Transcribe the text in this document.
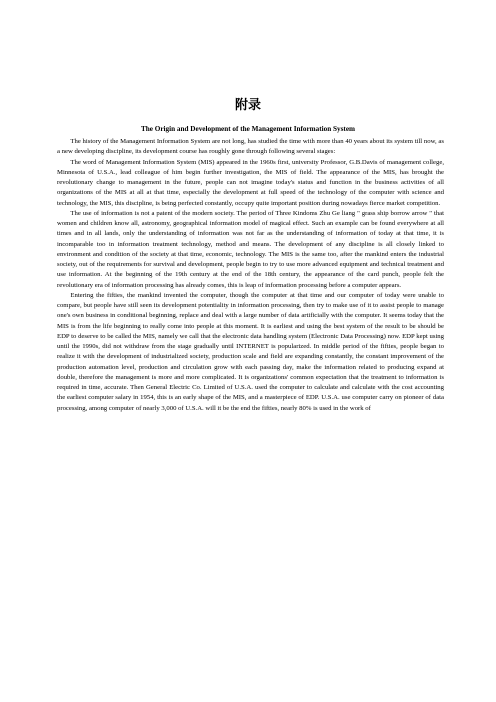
附录
The Origin and Development of the Management Information System

The history of the Management Information System are not long, has studied the time with more than 40 years about its system till now, as a new developing discipline, its development course has roughly gone through following several stages:

The word of Management Information System (MIS) appeared in the 1960s first, university Professor, G.B.Davis of management college, Minnesota of U.S.A., lead colleague of him begin further investigation, the MIS of field. The appearance of the MIS, has brought the revolutionary change to management in the future, people can not imagine today's status and function in the business activities of all organizations of the MIS at all at that time, especially the development at full speed of the technology of the computer with science and technology, the MIS, this discipline, is being perfected constantly, occupy quite important position during nowadays fierce market competition.

The use of information is not a patent of the modern society. The period of Three Kindoms Zhu Ge liang " grass ship borrow arrow " that women and children know all, astronomy, geographical information model of magical effect. Such an example can be found everywhere at all times and in all lands, only the understanding of information was not far as the understanding of information of today at that time, it is incomparable too in information treatment technology, method and means. The development of any discipline is all closely linked to environment and condition of the society at that time, economic, technology. The MIS is the same too, after the mankind enters the industrial society, out of the requirements for survival and development, people begin to try to use more advanced equipment and technical treatment and use information. At the beginning of the 19th century at the end of the 18th century, the appearance of the card punch, people felt the revolutionary era of information processing has already comes, this is leap of information processing before a computer appears.

Entering the fifties, the mankind invented the computer, though the computer at that time and our computer of today were unable to compare, but people have still seen its development potentiality in information processing, then try to make use of it to assist people to manage one's own business in conditional beginning, replace and deal with a large number of data artificially with the computer. It seems today that the MIS is from the life beginning to really come into people at this moment. It is earliest and using the best system of the result to be should be EDP to deserve to be called the MIS, namely we call that the electronic data handling system (Electronic Data Processing) now. EDP kept using until the 1990s, did not withdraw from the stage gradually until INTERNET is popularized. In middle period of the fifties, people began to realize it with the development of industrialized society, production scale and field are expanding constantly, the constant improvement of the production automation level, production and circulation grow with each passing day, make the information related to producing expand at double, therefore the management is more and more complicated. It is organizations' common expectation that the treatment to information is required in time, accurate. Then General Electric Co. Limited of U.S.A. used the computer to calculate and calculate with the cost accounting the earliest computer salary in 1954, this is an early shape of the MIS, and a masterpiece of EDP. U.S.A. use computer carry on pioneer of data processing, among computer of nearly 3,000 of U.S.A. will it be the end the fifties, nearly 80% is used in the work of
